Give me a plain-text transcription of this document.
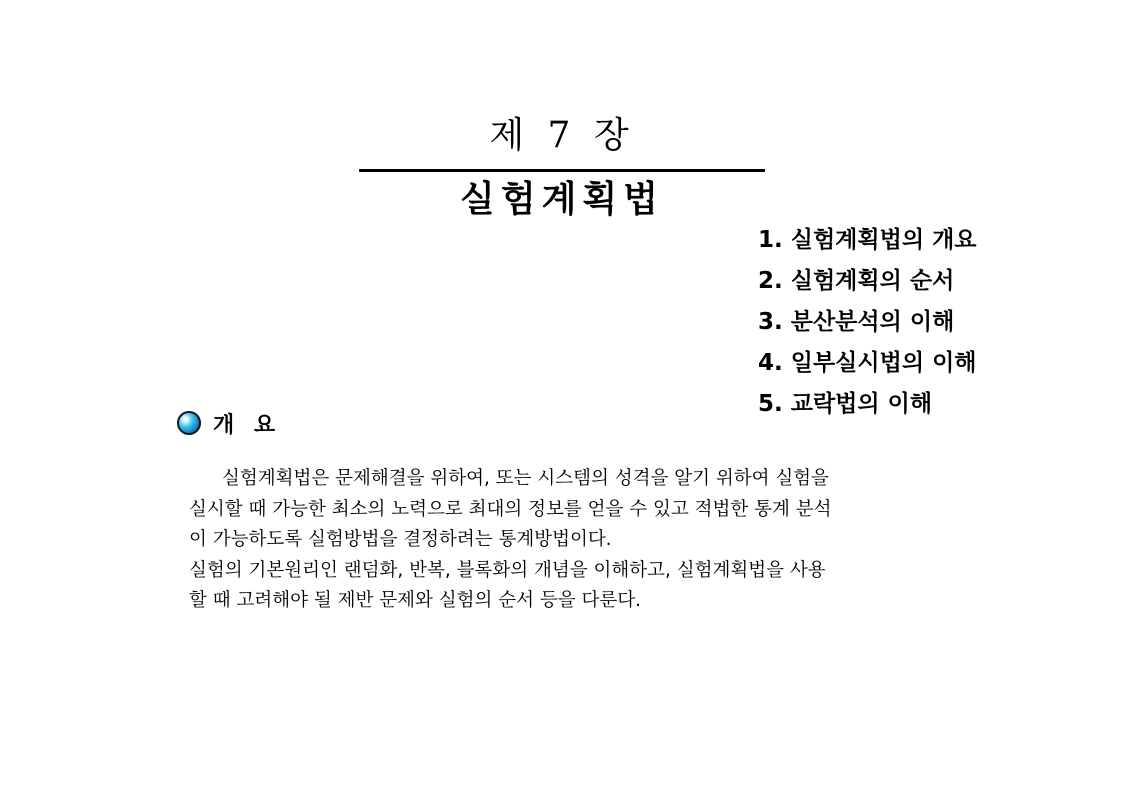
제 7 장
실험계획법
1. 실험계획법의 개요
2. 실험계획의 순서
3. 분산분석의 이해
4. 일부실시법의 이해
5. 교락법의 이해
개 요

실험계획법은 문제해결을 위하여, 또는 시스템의 성격을 알기 위하여 실험을

실시할 때 가능한 최소의 노력으로 최대의 정보를 얻을 수 있고 적법한 통계 분석

이 가능하도록 실험방법을 결정하려는 통계방법이다.

실험의 기본원리인 랜덤화, 반복, 블록화의 개념을 이해하고, 실험계획법을 사용

할 때 고려해야 될 제반 문제와 실험의 순서 등을 다룬다.
